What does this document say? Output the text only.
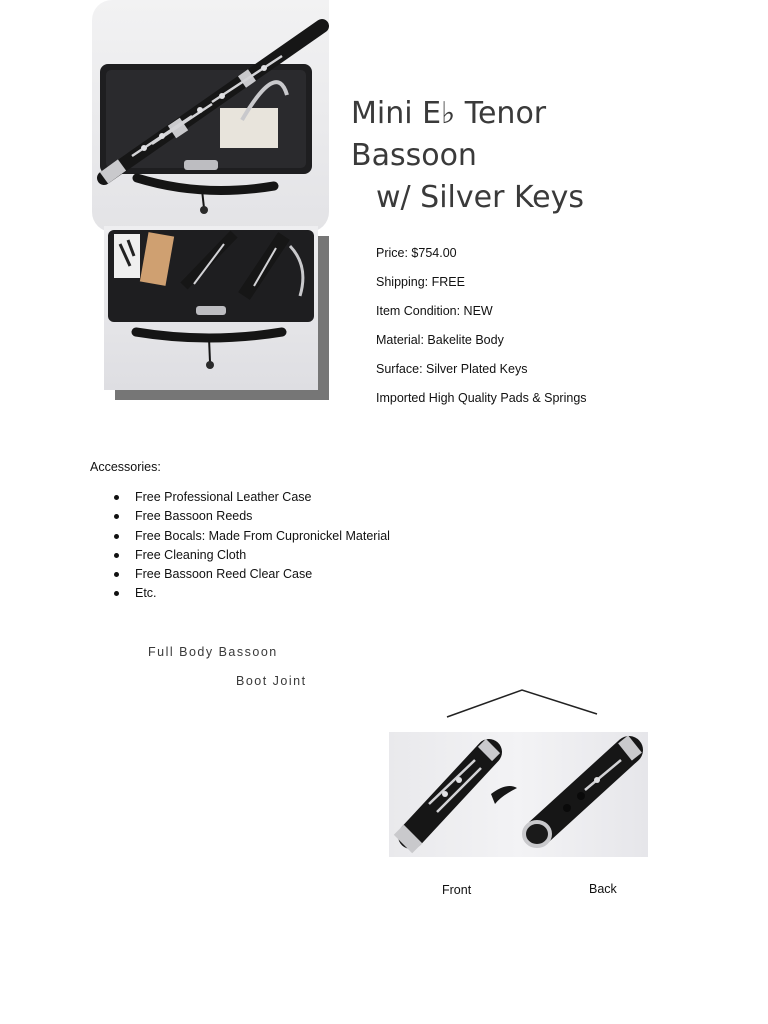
Mini E♭ Tenor Bassoon
w/ Silver Keys
Price: $754.00
Shipping: FREE
Item Condition: NEW
Material: Bakelite Body
Surface: Silver Plated Keys
Imported High Quality Pads & Springs

Accessories:

Free Professional Leather Case
Free Bassoon Reeds
Free Bocals: Made From Cupronickel Material
Free Cleaning Cloth
Free Bassoon Reed Clear Case
Etc.
Full Body Bassoon
Boot Joint
Front	Back
